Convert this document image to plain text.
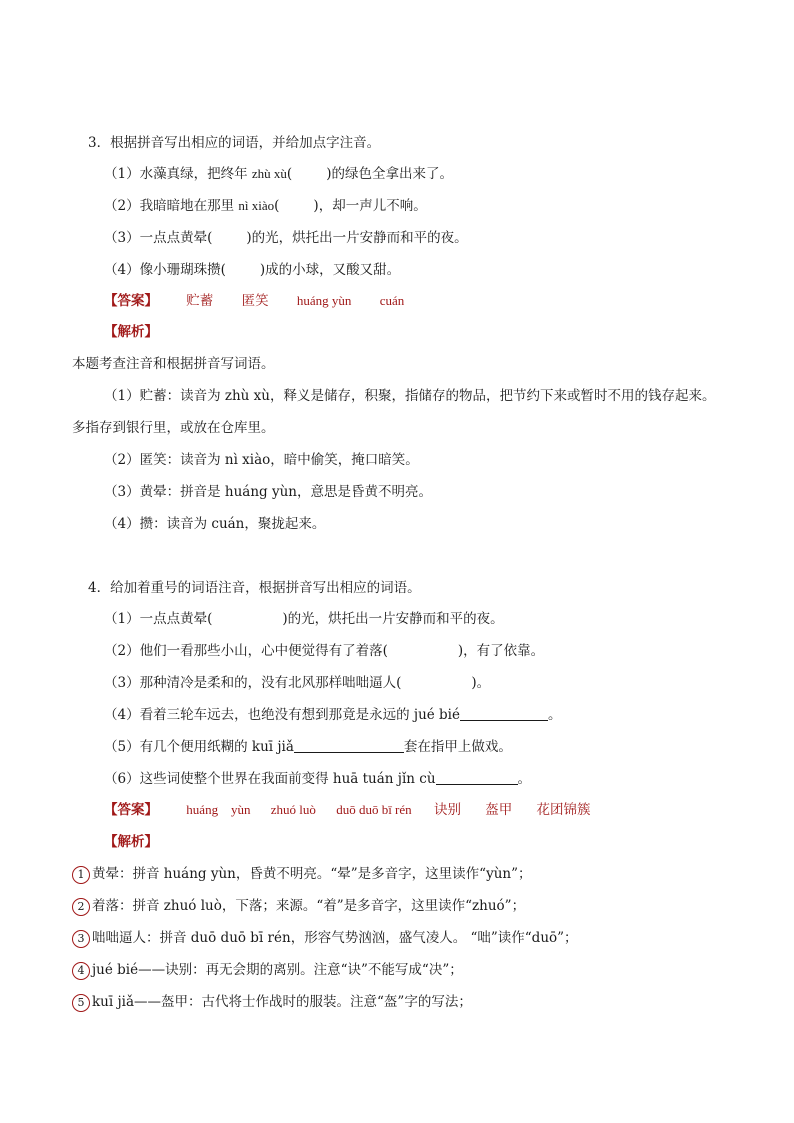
3．根据拼音写出相应的词语，并给加点字注音。
（1）水藻真绿，把终年 zhù xù(	)的绿色全拿出来了。
（2）我暗暗地在那里 nì xiào(	)，却一声儿不响。
（3）一点点黄晕(	)的光，烘托出一片安静而和平的夜。
（4）像小珊瑚珠攒(	)成的小球，又酸又甜。
【答案】 贮蓄 匿笑 huáng yùn cuán
【解析】
本题考查注音和根据拼音写词语。
（1）贮蓄：读音为 zhù xù，释义是储存，积聚，指储存的物品，把节约下来或暂时不用的钱存起来。
多指存到银行里，或放在仓库里。
（2）匿笑：读音为 nì xiào，暗中偷笑，掩口暗笑。
（3）黄晕：拼音是 huáng yùn，意思是昏黄不明亮。
（4）攒：读音为 cuán，聚拢起来。
4．给加着重号的词语注音，根据拼音写出相应的词语。
（1）一点点黄晕(	)的光，烘托出一片安静而和平的夜。
（2）他们一看那些小山，心中便觉得有了着落(	)，有了依靠。
（3）那种清冷是柔和的，没有北风那样咄咄逼人(	)。
（4）看着三轮车远去，也绝没有想到那竟是永远的 jué bié	。
（5）有几个便用纸糊的 kuī jiǎ	套在指甲上做戏。
（6）这些词使整个世界在我面前变得 huā tuán jǐn cù	。
【答案】 huáng yùn zhuó luò duō duō bī rén 诀别 盔甲 花团锦簇
【解析】
1 黄晕：拼音 huáng yùn，昏黄不明亮。“晕”是多音字，这里读作“yùn”；
2 着落：拼音 zhuó luò，下落；来源。“着”是多音字，这里读作“zhuó”；
3 咄咄逼人：拼音 duō duō bī rén，形容气势汹汹，盛气凌人。 “咄”读作“duō”；
4 jué bié——诀别：再无会期的离别。注意“诀”不能写成“决”；
5 kuī jiǎ——盔甲：古代将士作战时的服装。注意“盔”字的写法；
